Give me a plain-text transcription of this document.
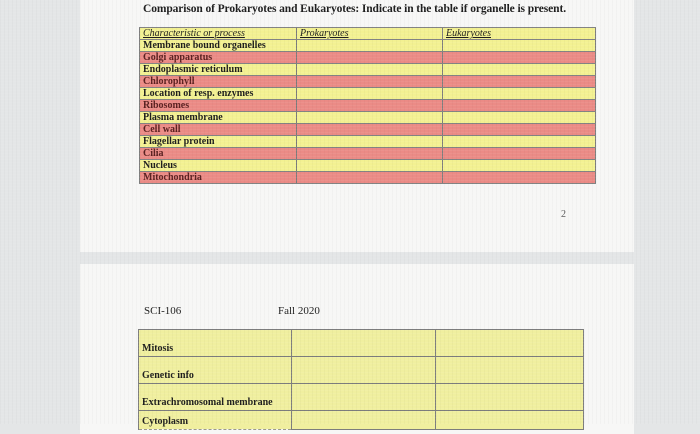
Comparison of Prokaryotes and Eukaryotes: Indicate in the table if organelle is present.
Characteristic or process	Prokaryotes	Eukaryotes
Membrane bound organelles		
Golgi apparatus		
Endoplasmic reticulum		
Chlorophyll		
Location of resp. enzymes		
Ribosomes		
Plasma membrane		
Cell wall		
Flagellar protein		
Cilia		
Nucleus		
Mitochondria		
2
SCI-106	Fall 2020
Mitosis		
Genetic info		
Extrachromosomal membrane		
Cytoplasm		
